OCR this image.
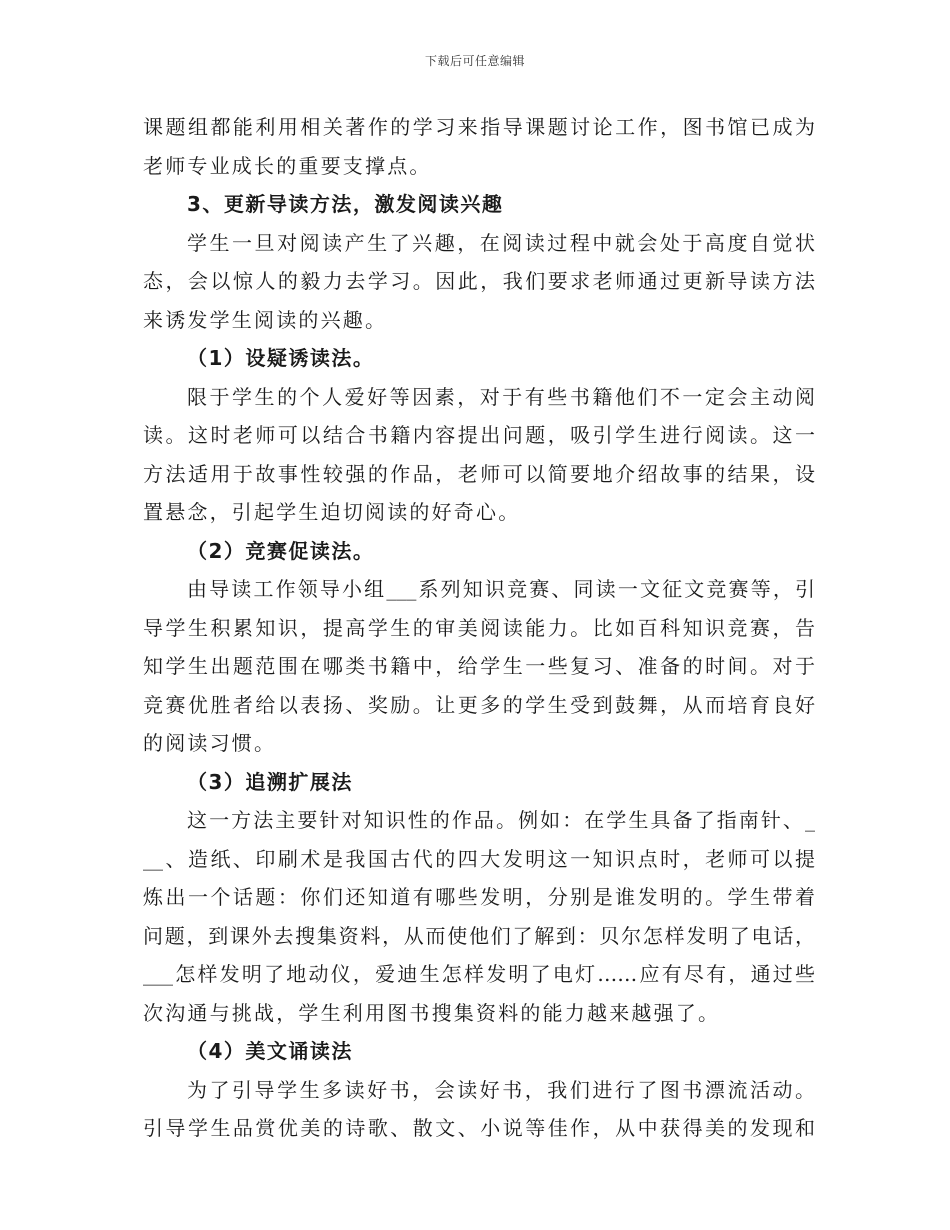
下载后可任意编辑
课题组都能利用相关著作的学习来指导课题讨论工作，图书馆已成为
老师专业成长的重要支撑点。
3、更新导读方法，激发阅读兴趣
学生一旦对阅读产生了兴趣，在阅读过程中就会处于高度自觉状
态，会以惊人的毅力去学习。因此，我们要求老师通过更新导读方法
来诱发学生阅读的兴趣。
（1）设疑诱读法。
限于学生的个人爱好等因素，对于有些书籍他们不一定会主动阅
读。这时老师可以结合书籍内容提出问题，吸引学生进行阅读。这一
方法适用于故事性较强的作品，老师可以简要地介绍故事的结果，设
置悬念，引起学生迫切阅读的好奇心。
（2）竞赛促读法。
由导读工作领导小组___系列知识竞赛、同读一文征文竞赛等，引
导学生积累知识，提高学生的审美阅读能力。比如百科知识竞赛，告
知学生出题范围在哪类书籍中，给学生一些复习、准备的时间。对于
竞赛优胜者给以表扬、奖励。让更多的学生受到鼓舞，从而培育良好
的阅读习惯。
（3）追溯扩展法
这一方法主要针对知识性的作品。例如：在学生具备了指南针、_
__、造纸、印刷术是我国古代的四大发明这一知识点时，老师可以提
炼出一个话题：你们还知道有哪些发明，分别是谁发明的。学生带着
问题，到课外去搜集资料，从而使他们了解到：贝尔怎样发明了电话，
___怎样发明了地动仪，爱迪生怎样发明了电灯……应有尽有，通过些
次沟通与挑战，学生利用图书搜集资料的能力越来越强了。
（4）美文诵读法
为了引导学生多读好书，会读好书，我们进行了图书漂流活动。
引导学生品赏优美的诗歌、散文、小说等佳作，从中获得美的发现和
